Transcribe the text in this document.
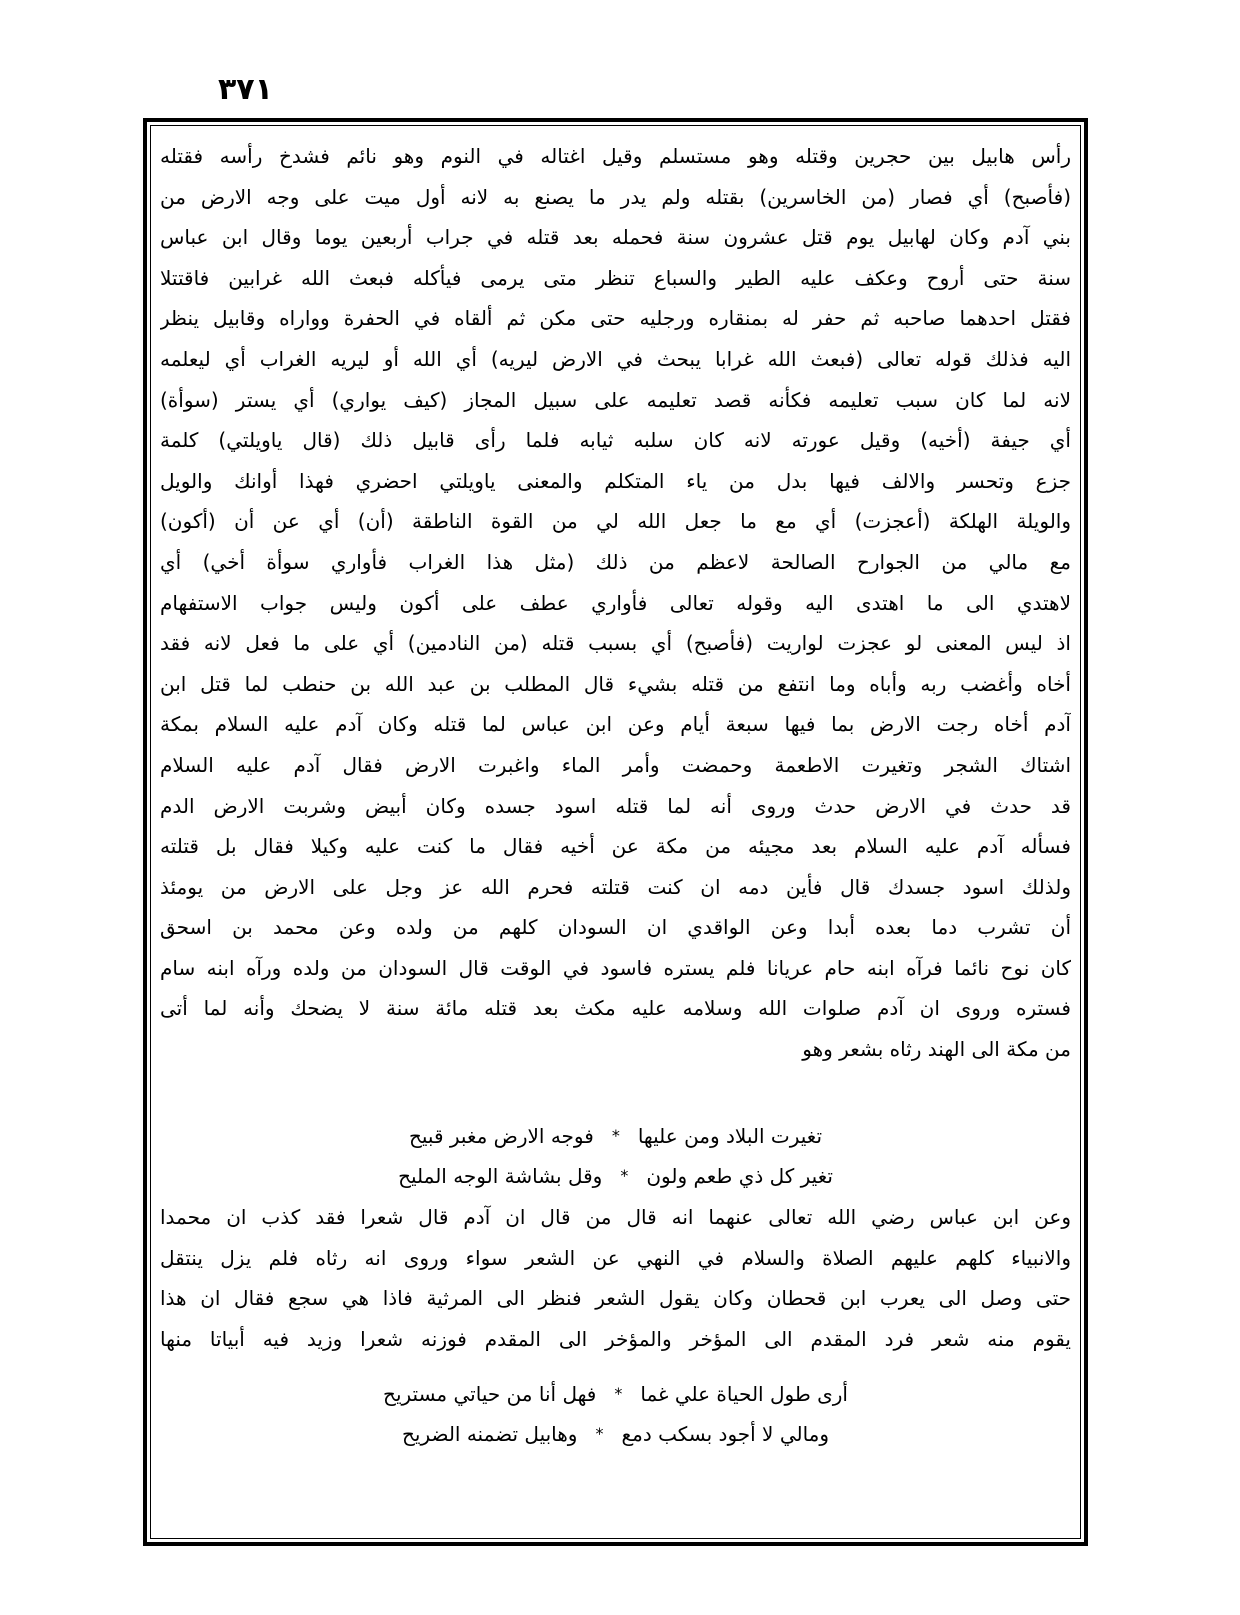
٣٧١
رأس هابيل بين حجرين وقتله وهو مستسلم وقيل اغتاله في النوم وهو نائم فشدخ رأسه فقتله
(فأصبح) أي فصار (من الخاسرين) بقتله ولم يدر ما يصنع به لانه أول ميت على وجه الارض من
بني آدم وكان لهابيل يوم قتل عشرون سنة فحمله بعد قتله في جراب أربعين يوما وقال ابن عباس
سنة حتى أروح وعكف عليه الطير والسباع تنظر متى يرمى فيأكله فبعث الله غرابين فاقتتلا
فقتل احدهما صاحبه ثم حفر له بمنقاره ورجليه حتى مكن ثم ألقاه في الحفرة وواراه وقابيل ينظر
اليه فذلك قوله تعالى (فبعث الله غرابا يبحث في الارض ليريه) أي الله أو ليريه الغراب أي ليعلمه
لانه لما كان سبب تعليمه فكأنه قصد تعليمه على سبيل المجاز (كيف يواري) أي يستر (سوأة)
أي جيفة (أخيه) وقيل عورته لانه كان سلبه ثيابه فلما رأى قابيل ذلك (قال ياويلتي) كلمة
جزع وتحسر والالف فيها بدل من ياء المتكلم والمعنى ياويلتي احضري فهذا أوانك والويل
والويلة الهلكة (أعجزت) أي مع ما جعل الله لي من القوة الناطقة (أن) أي عن أن (أكون)
مع مالي من الجوارح الصالحة لاعظم من ذلك (مثل هذا الغراب فأواري سوأة أخي) أي
لاهتدي الى ما اهتدى اليه وقوله تعالى فأواري عطف على أكون وليس جواب الاستفهام
اذ ليس المعنى لو عجزت لواريت (فأصبح) أي بسبب قتله (من النادمين) أي على ما فعل لانه فقد
أخاه وأغضب ربه وأباه وما انتفع من قتله بشيء قال المطلب بن عبد الله بن حنطب لما قتل ابن
آدم أخاه رجت الارض بما فيها سبعة أيام وعن ابن عباس لما قتله وكان آدم عليه السلام بمكة
اشتاك الشجر وتغيرت الاطعمة وحمضت وأمر الماء واغبرت الارض فقال آدم عليه السلام
قد حدث في الارض حدث وروى أنه لما قتله اسود جسده وكان أبيض وشربت الارض الدم
فسأله آدم عليه السلام بعد مجيئه من مكة عن أخيه فقال ما كنت عليه وكيلا فقال بل قتلته
ولذلك اسود جسدك قال فأين دمه ان كنت قتلته فحرم الله عز وجل على الارض من يومئذ
أن تشرب دما بعده أبدا وعن الواقدي ان السودان كلهم من ولده وعن محمد بن اسحق
كان نوح نائما فرآه ابنه حام عريانا فلم يستره فاسود في الوقت قال السودان من ولده ورآه ابنه سام
فستره وروى ان آدم صلوات الله وسلامه عليه مكث بعد قتله مائة سنة لا يضحك وأنه لما أتى
من مكة الى الهند رثاه بشعر وهو
تغيرت البلاد ومن عليها
*
فوجه الارض مغبر قبيح
تغير كل ذي طعم ولون
*
وقل بشاشة الوجه المليح
وعن ابن عباس رضي الله تعالى عنهما انه قال من قال ان آدم قال شعرا فقد كذب ان محمدا
والانبياء كلهم عليهم الصلاة والسلام في النهي عن الشعر سواء وروى انه رثاه فلم يزل ينتقل
حتى وصل الى يعرب ابن قحطان وكان يقول الشعر فنظر الى المرثية فاذا هي سجع فقال ان هذا
يقوم منه شعر فرد المقدم الى المؤخر والمؤخر الى المقدم فوزنه شعرا وزيد فيه أبياتا منها
أرى طول الحياة علي غما
*
فهل أنا من حياتي مستريح
ومالي لا أجود بسكب دمع
*
وهابيل تضمنه الضريح
